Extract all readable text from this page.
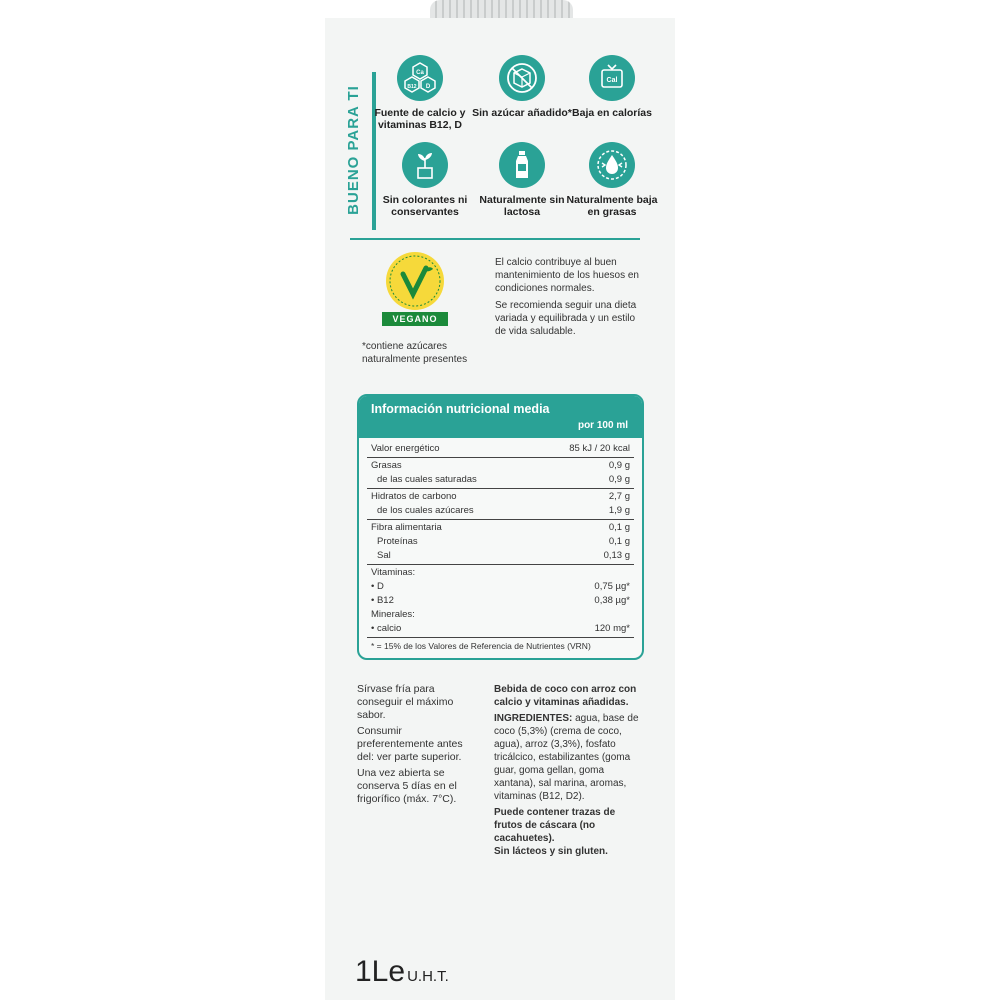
BUENO PARA TI
Ca
B12 D
Fuente de calcio y vitaminas B12, D
Sin azúcar añadido*
Cal
Baja en calorías
Sin colorantes ni conservantes
Naturalmente sin lactosa
Naturalmente baja en grasas
VEGANO
*contiene azúcares naturalmente presentes

El calcio contribuye al buen mantenimiento de los huesos en condiciones normales.

Se recomienda seguir una dieta variada y equilibrada y un estilo de vida saludable.

Información nutricional media
por 100 ml
Valor energético	85 kJ / 20 kcal
Grasas	0,9 g
de las cuales saturadas	0,9 g
Hidratos de carbono	2,7 g
de los cuales azúcares	1,9 g
Fibra alimentaria	0,1 g
Proteínas	0,1 g
Sal	0,13 g
Vitaminas:
• D	0,75 µg*
• B12	0,38 µg*
Minerales:
• calcio	120 mg*
* = 15% de los Valores de Referencia de Nutrientes (VRN)

Sírvase fría para conseguir el máximo sabor.

Consumir preferentemente antes del: ver parte superior.

Una vez abierta se conserva 5 días en el frigorífico (máx. 7°C).

Bebida de coco con arroz con calcio y vitaminas añadidas.

INGREDIENTES: agua, base de coco (5,3%) (crema de coco, agua), arroz (3,3%), fosfato tricálcico, estabilizantes (goma guar, goma gellan, goma xantana), sal marina, aromas, vitaminas (B12, D2).

Puede contener trazas de frutos de cáscara (no cacahuetes).

Sin lácteos y sin gluten.

1Le U.H.T.
